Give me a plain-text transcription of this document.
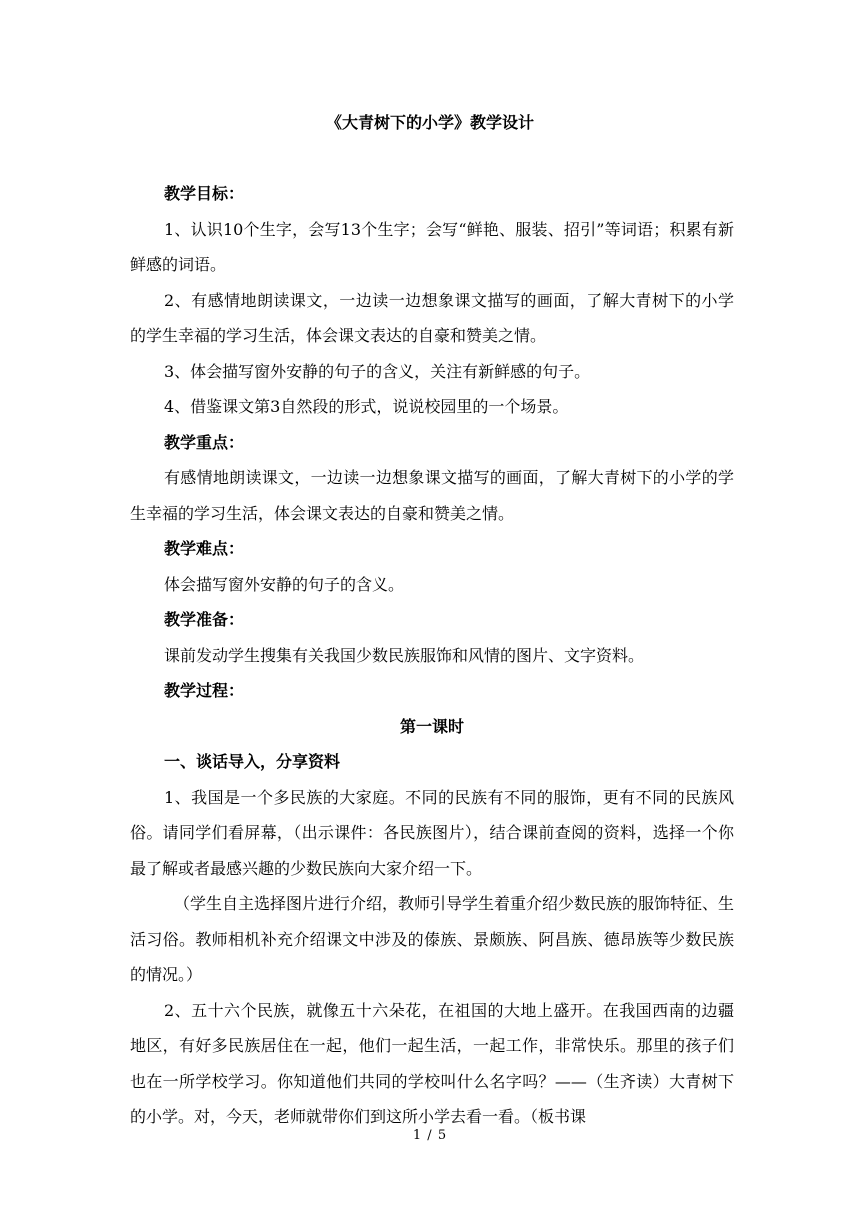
《大青树下的小学》教学设计

教学目标：

1、认识10个生字，会写13个生字；会写“鲜艳、服装、招引”等词语；积累有新鲜感的词语。

2、有感情地朗读课文，一边读一边想象课文描写的画面，了解大青树下的小学的学生幸福的学习生活，体会课文表达的自豪和赞美之情。

3、体会描写窗外安静的句子的含义，关注有新鲜感的句子。

4、借鉴课文第3自然段的形式，说说校园里的一个场景。

教学重点：

有感情地朗读课文，一边读一边想象课文描写的画面，了解大青树下的小学的学生幸福的学习生活，体会课文表达的自豪和赞美之情。

教学难点：

体会描写窗外安静的句子的含义。

教学准备：

课前发动学生搜集有关我国少数民族服饰和风情的图片、文字资料。

教学过程：

第一课时

一、谈话导入，分享资料

1、我国是一个多民族的大家庭。不同的民族有不同的服饰，更有不同的民族风俗。请同学们看屏幕，（出示课件：各民族图片），结合课前查阅的资料，选择一个你最了解或者最感兴趣的少数民族向大家介绍一下。

（学生自主选择图片进行介绍，教师引导学生着重介绍少数民族的服饰特征、生活习俗。教师相机补充介绍课文中涉及的傣族、景颇族、阿昌族、德昂族等少数民族的情况。）

2、五十六个民族，就像五十六朵花，在祖国的大地上盛开。在我国西南的边疆地区，有好多民族居住在一起，他们一起生活，一起工作，非常快乐。那里的孩子们也在一所学校学习。你知道他们共同的学校叫什么名字吗？——（生齐读）大青树下的小学。对，今天，老师就带你们到这所小学去看一看。（板书课

1 / 5
